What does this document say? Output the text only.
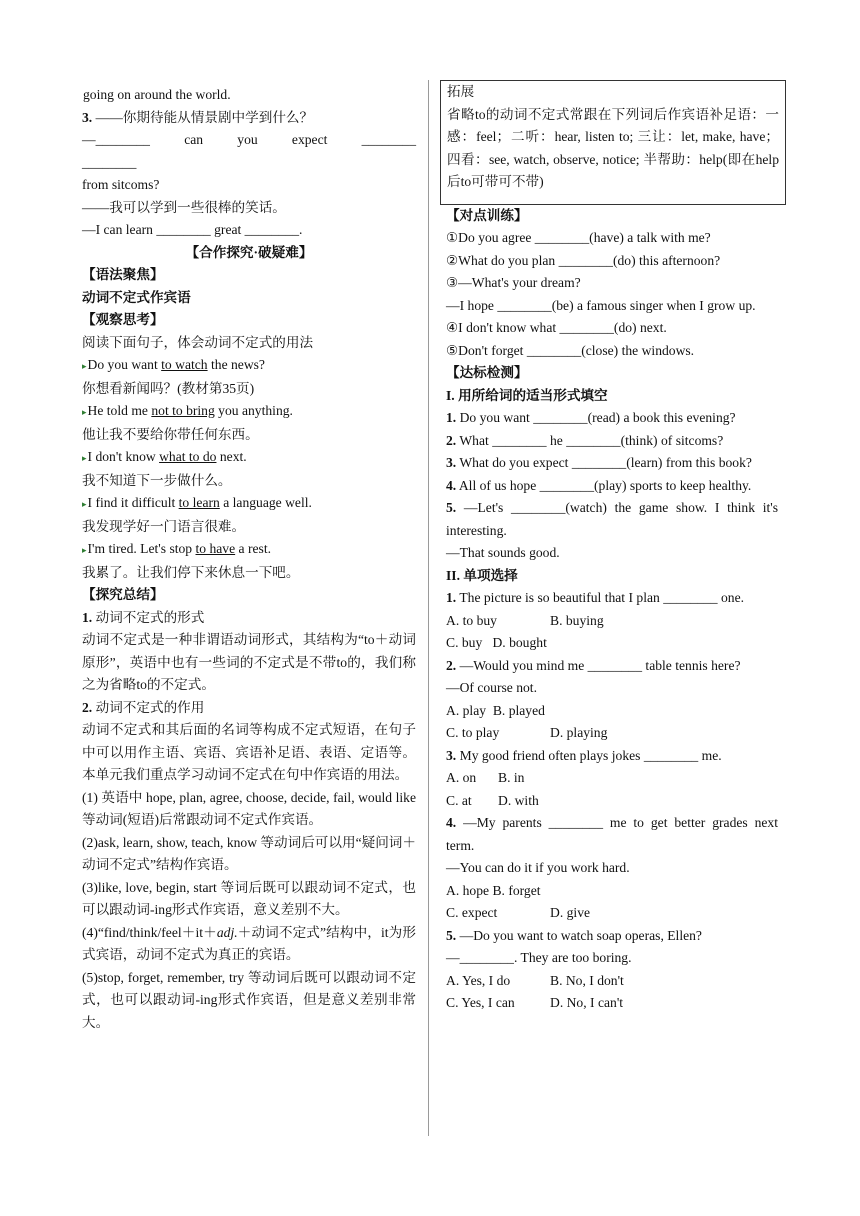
going on around the world.
3. ——你期待能从情景剧中学到什么？
—________ can you expect ________ ________
from sitcoms?
——我可以学到一些很棒的笑话。
—I can learn ________ great ________.
【合作探究·破疑难】
【语法聚焦】
动词不定式作宾语
【观察思考】
阅读下面句子，体会动词不定式的用法
▸ Do you want to watch the news?
你想看新闻吗？(教材第35页)
▸ He told me not to bring you anything.
他让我不要给你带任何东西。
▸ I don't know what to do next.
我不知道下一步做什么。
▸ I find it difficult to learn a language well.
我发现学好一门语言很难。
▸ I'm tired. Let's stop to have a rest.
我累了。让我们停下来休息一下吧。
【探究总结】
1. 动词不定式的形式
动词不定式是一种非谓语动词形式，其结构为“to＋动词原形”，英语中也有一些词的不定式是不带to的，我们称之为省略to的不定式。
2. 动词不定式的作用
动词不定式和其后面的名词等构成不定式短语，在句子中可以用作主语、宾语、宾语补足语、表语、定语等。本单元我们重点学习动词不定式在句中作宾语的用法。
(1) 英语中 hope, plan, agree, choose, decide, fail, would like 等动词(短语)后常跟动词不定式作宾语。
(2)ask, learn, show, teach, know 等动词后可以用“疑问词＋动词不定式”结构作宾语。
(3)like, love, begin, start 等词后既可以跟动词不定式，也可以跟动词-ing形式作宾语，意义差别不大。
(4)“find/think/feel＋it＋adj.＋动词不定式”结构中，it为形式宾语，动词不定式为真正的宾语。
(5)stop, forget, remember, try 等动词后既可以跟动词不定式，也可以跟动词-ing形式作宾语，但是意义差别非常大。
拓展
省略to的动词不定式常跟在下列词后作宾语补足语：一感：feel；二听：hear, listen to; 三让：let, make, have；四看：see, watch, observe, notice; 半帮助：help(即在help后to可带可不带)
【对点训练】
①Do you agree ________(have) a talk with me?
②What do you plan ________(do) this afternoon?
③—What's your dream?
—I hope ________(be) a famous singer when I grow up.
④I don't know what ________(do) next.
⑤Don't forget ________(close) the windows.
【达标检测】
I. 用所给词的适当形式填空
1. Do you want ________(read) a book this evening?
2. What ________ he ________(think) of sitcoms?
3. What do you expect ________(learn) from this book?
4. All of us hope ________(play) sports to keep healthy.
5. —Let's ________(watch) the game show. I think it's interesting.
—That sounds good.
II. 单项选择
1. The picture is so beautiful that I plan ________ one.
A. to buy	B. buying
C. buy D. bought
2. —Would you mind me ________ table tennis here?
—Of course not.
A. play B. played
C. to play	D. playing
3. My good friend often plays jokes ________ me.
A. on B. in
C. at D. with
4. —My parents ________ me to get better grades next term.
—You can do it if you work hard.
A. hope B. forget
C. expect	D. give
5. —Do you want to watch soap operas, Ellen?
—________. They are too boring.
A. Yes, I do	B. No, I don't
C. Yes, I can	D. No, I can't
